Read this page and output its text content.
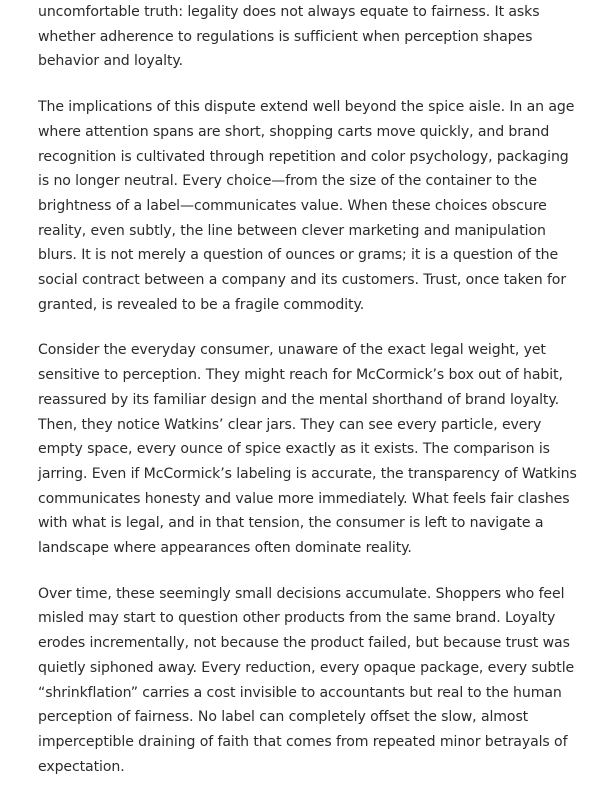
uncomfortable truth: legality does not always equate to fairness. It asks whether adherence to regulations is sufficient when perception shapes behavior and loyalty.

The implications of this dispute extend well beyond the spice aisle. In an age where attention spans are short, shopping carts move quickly, and brand recognition is cultivated through repetition and color psychology, packaging is no longer neutral. Every choice—from the size of the container to the brightness of a label—communicates value. When these choices obscure reality, even subtly, the line between clever marketing and manipulation blurs. It is not merely a question of ounces or grams; it is a question of the social contract between a company and its customers. Trust, once taken for granted, is revealed to be a fragile commodity.

Consider the everyday consumer, unaware of the exact legal weight, yet sensitive to perception. They might reach for McCormick’s box out of habit, reassured by its familiar design and the mental shorthand of brand loyalty. Then, they notice Watkins’ clear jars. They can see every particle, every empty space, every ounce of spice exactly as it exists. The comparison is jarring. Even if McCormick’s labeling is accurate, the transparency of Watkins communicates honesty and value more immediately. What feels fair clashes with what is legal, and in that tension, the consumer is left to navigate a landscape where appearances often dominate reality.

Over time, these seemingly small decisions accumulate. Shoppers who feel misled may start to question other products from the same brand. Loyalty erodes incrementally, not because the product failed, but because trust was quietly siphoned away. Every reduction, every opaque package, every subtle “shrinkflation” carries a cost invisible to accountants but real to the human perception of fairness. No label can completely offset the slow, almost imperceptible draining of faith that comes from repeated minor betrayals of expectation.
